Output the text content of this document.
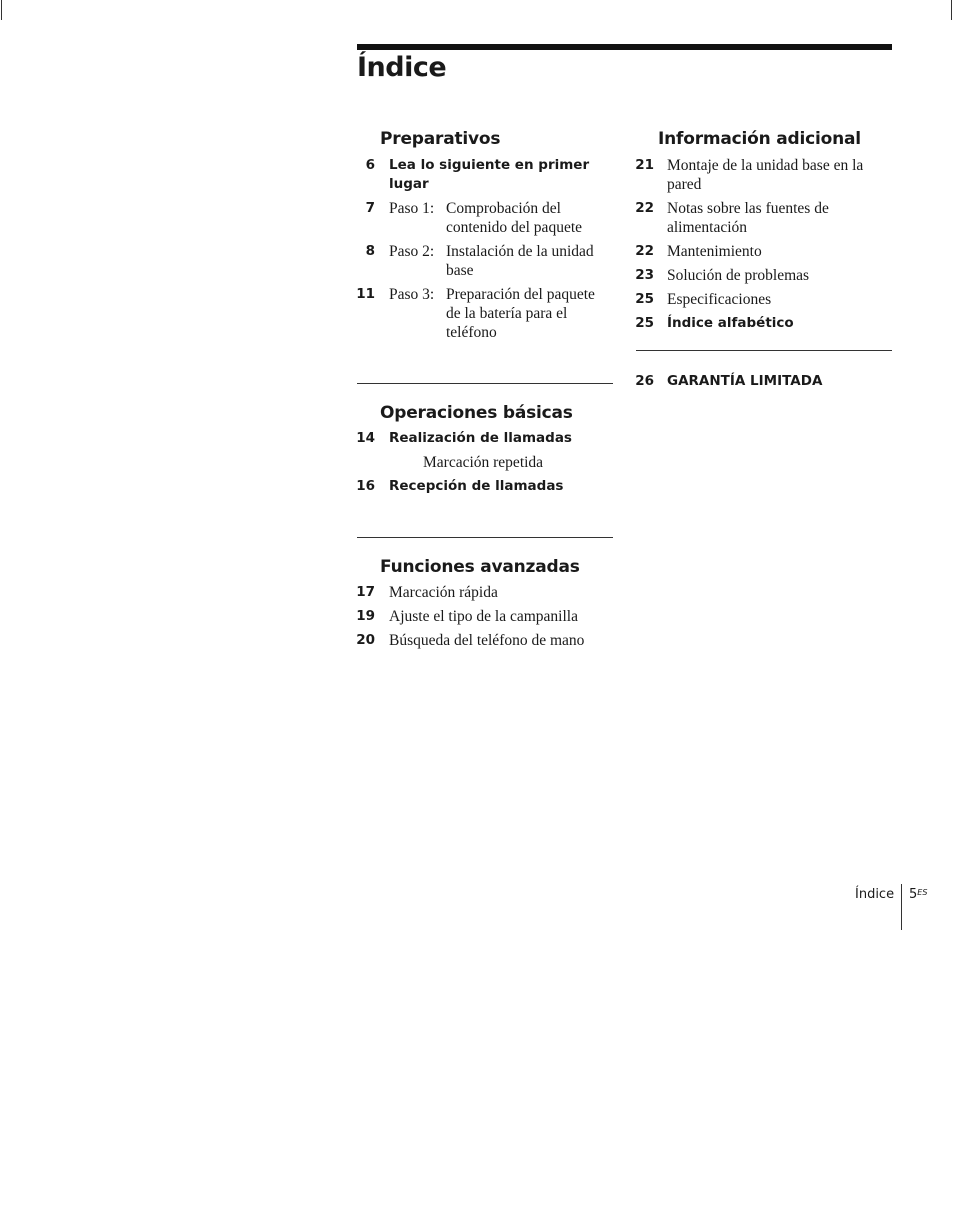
Índice
Preparativos
6 Lea lo siguiente en primer lugar
7 Paso 1: Comprobación del contenido del paquete
8 Paso 2: Instalación de la unidad base
11 Paso 3: Preparación del paquete de la batería para el teléfono
Operaciones básicas
14 Realización de llamadas
Marcación repetida
16 Recepción de llamadas
Funciones avanzadas
17 Marcación rápida
19 Ajuste el tipo de la campanilla
20 Búsqueda del teléfono de mano
Información adicional
21 Montaje de la unidad base en la pared
22 Notas sobre las fuentes de alimentación
22 Mantenimiento
23 Solución de problemas
25 Especificaciones
25 Índice alfabético
26 GARANTÍA LIMITADA
Índice $5^{ES}$
